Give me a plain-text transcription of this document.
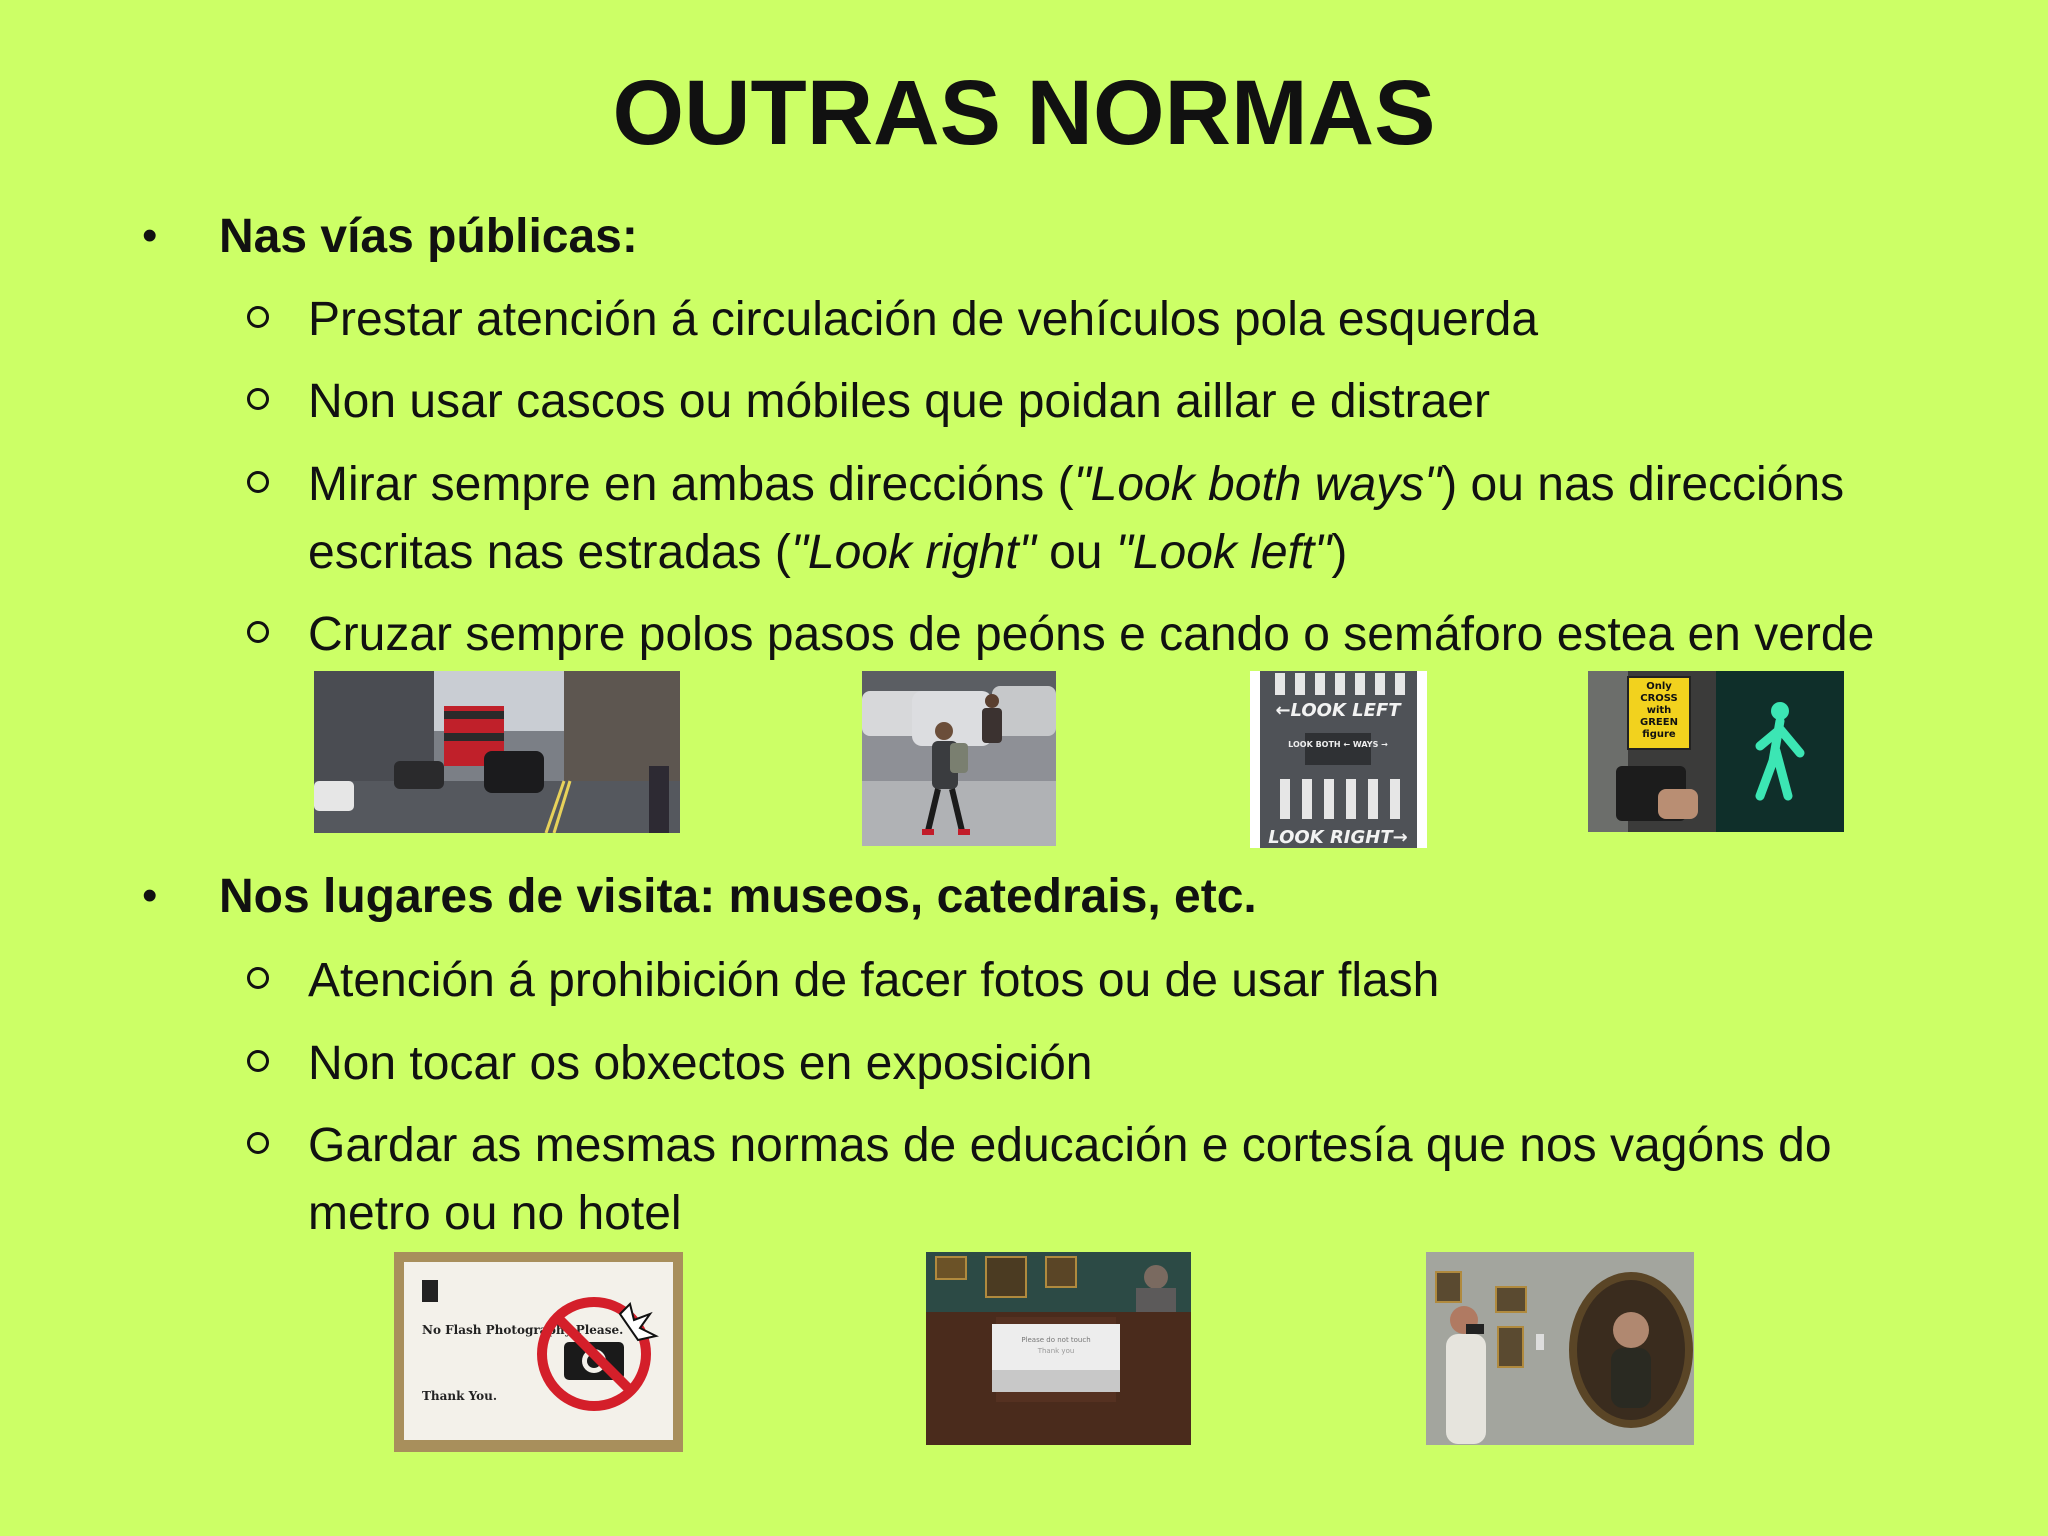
OUTRAS NORMAS
• Nas vías públicas:
Prestar atención á circulación de vehículos pola esquerda
Non usar cascos ou móbiles que poidan aillar e distraer
Mirar sempre en ambas direccións ("Look both ways") ou nas direccións
escritas nas estradas ("Look right" ou "Look left")
Cruzar sempre polos pasos de peóns e cando o semáforo estea en verde
←LOOK LEFT
LOOK BOTH ← WAYS →
LOOK RIGHT→
Only CROSS with GREEN figure
• Nos lugares de visita: museos, catedrais, etc.
Atención á prohibición de facer fotos ou de usar flash
Non tocar os obxectos en exposición
Gardar as mesmas normas de educación e cortesía que nos vagóns do
metro ou no hotel
No Flash Photography Please.
Thank You.
Please do not touch
Thank you
